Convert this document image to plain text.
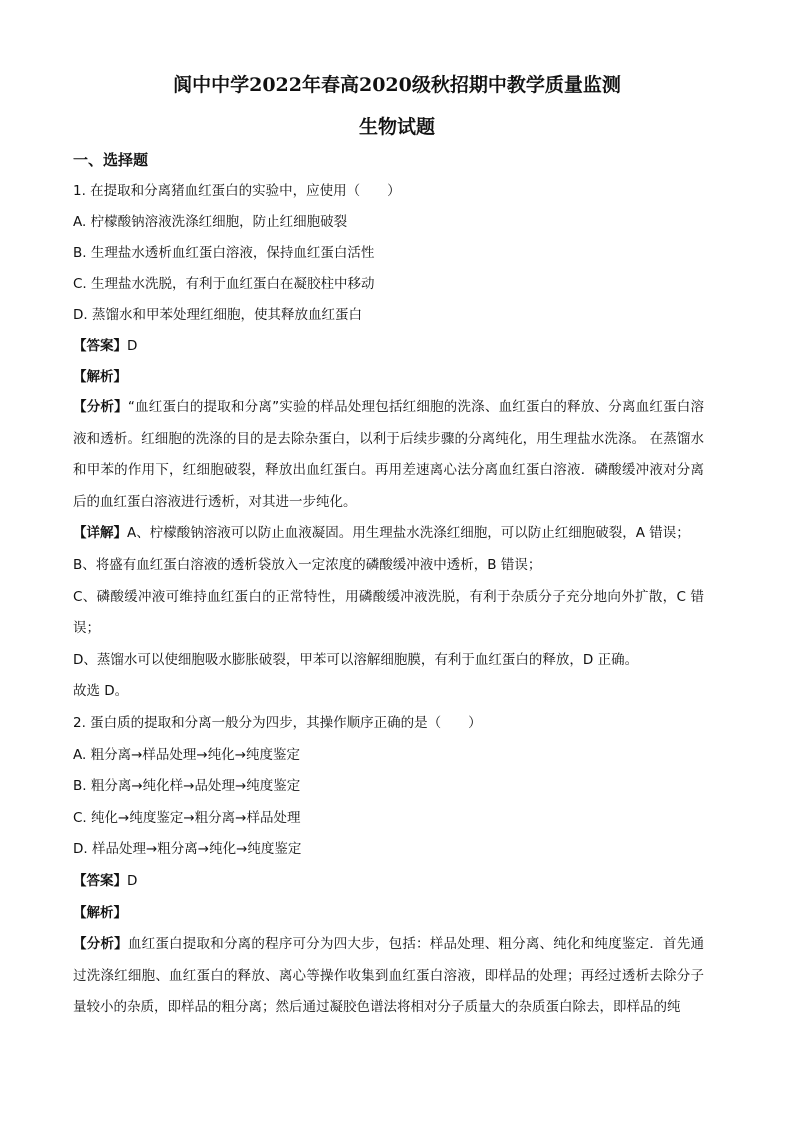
阆中中学2022年春高2020级秋招期中教学质量监测
生物试题
一、选择题
1. 在提取和分离猪血红蛋白的实验中，应使用（　　）
A. 柠檬酸钠溶液洗涤红细胞，防止红细胞破裂
B. 生理盐水透析血红蛋白溶液，保持血红蛋白活性
C. 生理盐水洗脱，有利于血红蛋白在凝胶柱中移动
D. 蒸馏水和甲苯处理红细胞，使其释放血红蛋白
【答案】D
【解析】
【分析】“血红蛋白的提取和分离”实验的样品处理包括红细胞的洗涤、血红蛋白的释放、分离血红蛋白溶液和透析。红细胞的洗涤的目的是去除杂蛋白，以利于后续步骤的分离纯化，用生理盐水洗涤。 在蒸馏水和甲苯的作用下，红细胞破裂，释放出血红蛋白。再用差速离心法分离血红蛋白溶液．磷酸缓冲液对分离后的血红蛋白溶液进行透析，对其进一步纯化。
【详解】A、柠檬酸钠溶液可以防止血液凝固。用生理盐水洗涤红细胞，可以防止红细胞破裂，A 错误；
B、将盛有血红蛋白溶液的透析袋放入一定浓度的磷酸缓冲液中透析，B 错误；
C、磷酸缓冲液可维持血红蛋白的正常特性，用磷酸缓冲液洗脱，有利于杂质分子充分地向外扩散，C 错误；
D、蒸馏水可以使细胞吸水膨胀破裂，甲苯可以溶解细胞膜，有利于血红蛋白的释放，D 正确。
故选 D。
2. 蛋白质的提取和分离一般分为四步，其操作顺序正确的是（　　）
A. 粗分离→样品处理→纯化→纯度鉴定
B. 粗分离→纯化样→品处理→纯度鉴定
C. 纯化→纯度鉴定→粗分离→样品处理
D. 样品处理→粗分离→纯化→纯度鉴定
【答案】D
【解析】
【分析】血红蛋白提取和分离的程序可分为四大步，包括：样品处理、粗分离、纯化和纯度鉴定．首先通过洗涤红细胞、血红蛋白的释放、离心等操作收集到血红蛋白溶液，即样品的处理；再经过透析去除分子量较小的杂质，即样品的粗分离；然后通过凝胶色谱法将相对分子质量大的杂质蛋白除去，即样品的纯
